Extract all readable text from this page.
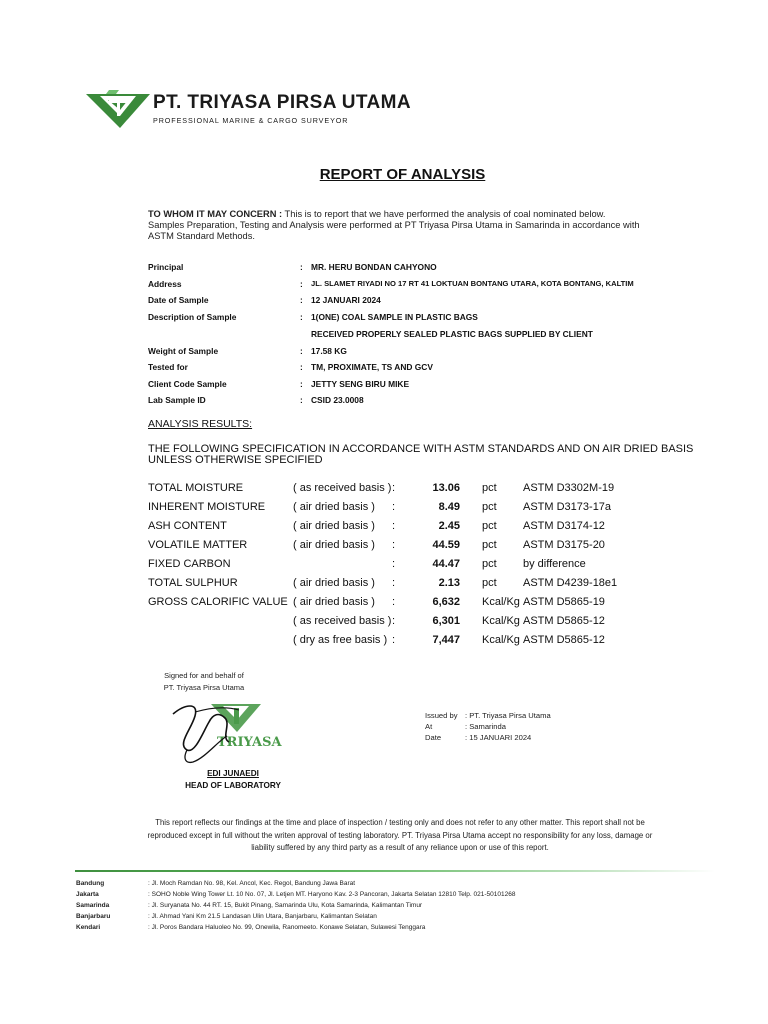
PT. TRIYASA PIRSA UTAMA
PROFESSIONAL MARINE & CARGO SURVEYOR
REPORT OF ANALYSIS
TO WHOM IT MAY CONCERN : This is to report that we have performed the analysis of coal nominated below.
Samples Preparation, Testing and Analysis were performed at PT Triyasa Pirsa Utama in Samarinda in accordance with
ASTM Standard Methods.
Principal	: MR. HERU BONDAN CAHYONO
Address	: JL. SLAMET RIYADI NO 17 RT 41 LOKTUAN BONTANG UTARA, KOTA BONTANG, KALTIM
Date of Sample	: 12 JANUARI 2024
Description of Sample	: 1(ONE) COAL SAMPLE IN PLASTIC BAGS
RECEIVED PROPERLY SEALED PLASTIC BAGS SUPPLIED BY CLIENT
Weight of Sample	: 17.58 KG
Tested for	: TM, PROXIMATE, TS AND GCV
Client Code Sample	: JETTY SENG BIRU MIKE
Lab Sample ID	: CSID 23.0008
ANALYSIS RESULTS:
THE FOLLOWING SPECIFICATION IN ACCORDANCE WITH ASTM STANDARDS AND ON AIR DRIED BASIS UNLESS OTHERWISE SPECIFIED
TOTAL MOISTURE	( as received basis ) :	13.06 pct ASTM D3302M-19
INHERENT MOISTURE	( air dried basis ) :	8.49 pct ASTM D3173-17a
ASH CONTENT	( air dried basis ) :	2.45 pct ASTM D3174-12
VOLATILE MATTER	( air dried basis ) :	44.59 pct ASTM D3175-20
FIXED CARBON	:	44.47 pct by difference
TOTAL SULPHUR	( air dried basis ) :	2.13 pct ASTM D4239-18e1
GROSS CALORIFIC VALUE ( air dried basis ) :	6,632 Kcal/Kg ASTM D5865-19
( as received basis ) :	6,301 Kcal/Kg ASTM D5865-12
( dry as free basis ) :	7,447 Kcal/Kg ASTM D5865-12
Signed for and behalf of
PT. Triyasa Pirsa Utama
TRIYASA
EDI JUNAEDI
HEAD OF LABORATORY
Issued by : PT. Triyasa Pirsa Utama
At	: Samarinda
Date	: 15 JANUARI 2024
This report reflects our findings at the time and place of inspection / testing only and does not refer to any other matter. This report shall not be reproduced except in full without the writen approval of testing laboratory. PT. Triyasa Pirsa Utama accept no responsibility for any loss, damage or liability suffered by any third party as a result of any reliance upon or use of this report.
Bandung	: Jl. Moch Ramdan No. 98, Kel. Ancol, Kec. Regol, Bandung Jawa Barat
Jakarta	: SOHO Noble Wing Tower Lt. 10 No. 07, Jl. Letjen MT. Haryono Kav. 2-3 Pancoran, Jakarta Selatan 12810 Telp. 021-50101268
Samarinda	: Jl. Suryanata No. 44 RT. 15, Bukit Pinang, Samarinda Ulu, Kota Samarinda, Kalimantan Timur
Banjarbaru	: Jl. Ahmad Yani Km 21.5 Landasan Ulin Utara, Banjarbaru, Kalimantan Selatan
Kendari	: Jl. Poros Bandara Haluoleo No. 99, Onewila, Ranomeeto. Konawe Selatan, Sulawesi Tenggara
